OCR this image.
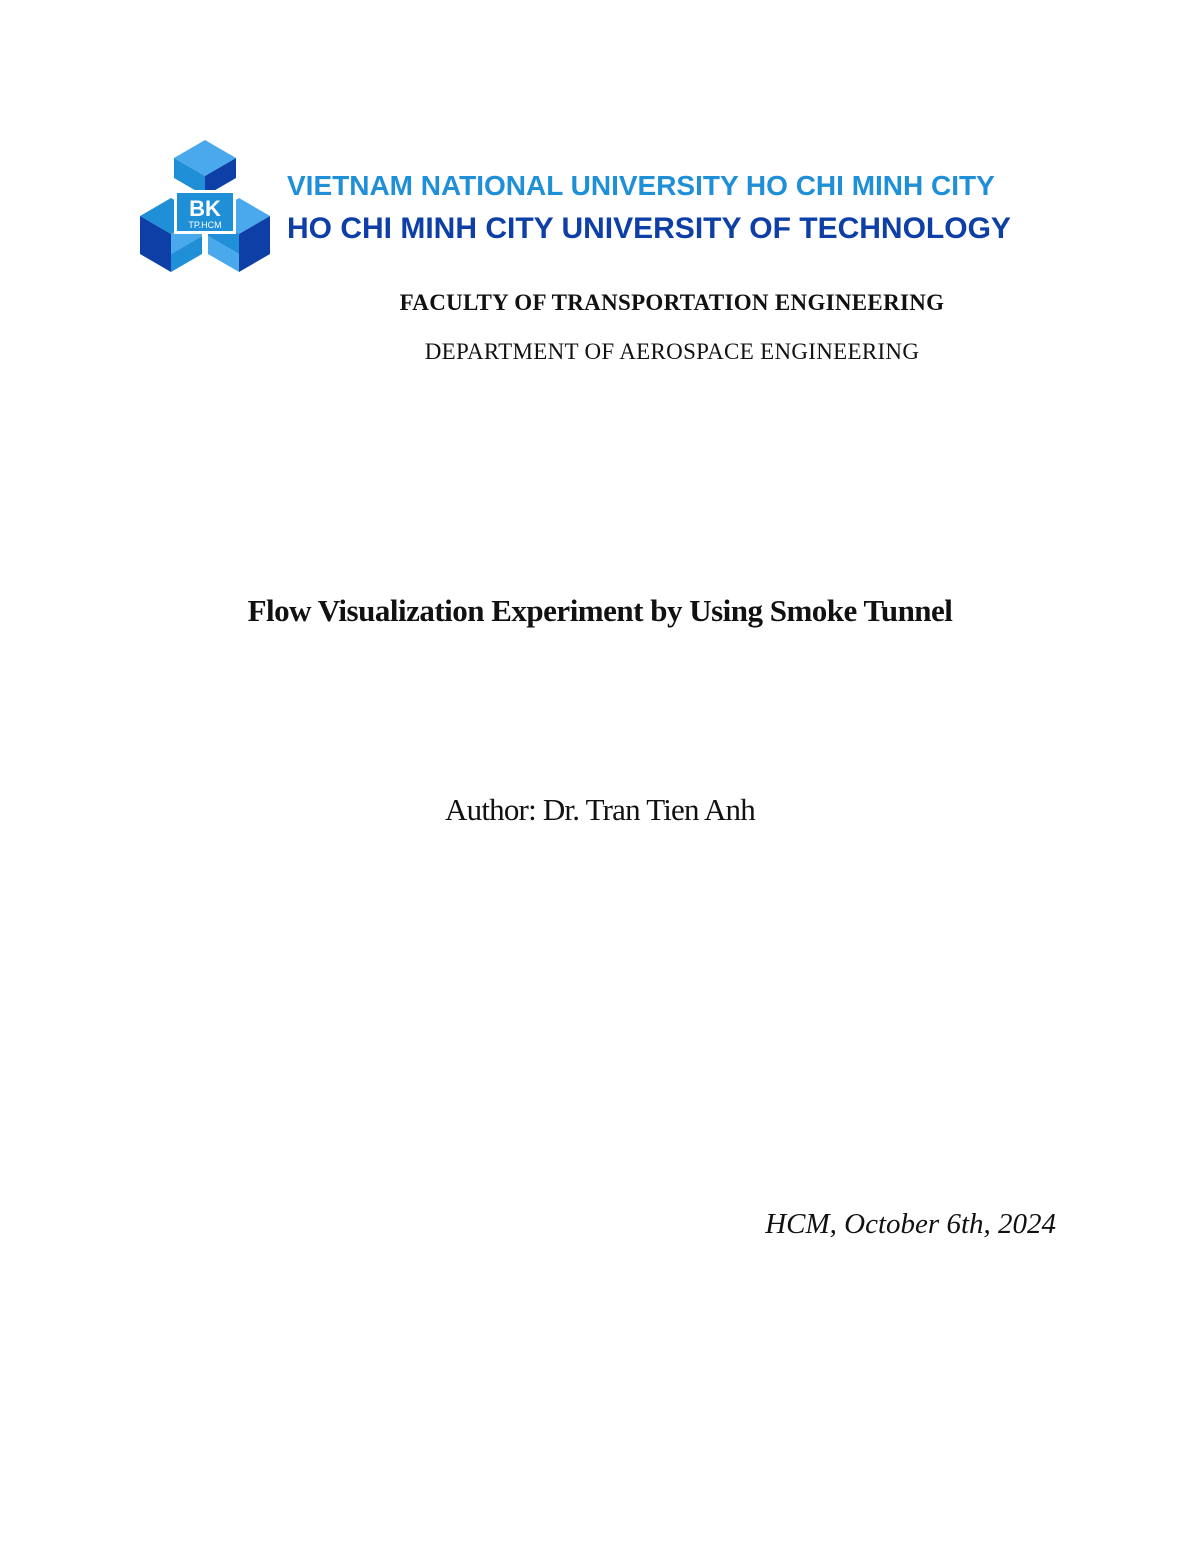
BK
TP.HCM
VIETNAM NATIONAL UNIVERSITY HO CHI MINH CITY
HO CHI MINH CITY UNIVERSITY OF TECHNOLOGY
FACULTY OF TRANSPORTATION ENGINEERING
DEPARTMENT OF AEROSPACE ENGINEERING
Flow Visualization Experiment by Using Smoke Tunnel
Author: Dr. Tran Tien Anh
HCM, October 6th, 2024
